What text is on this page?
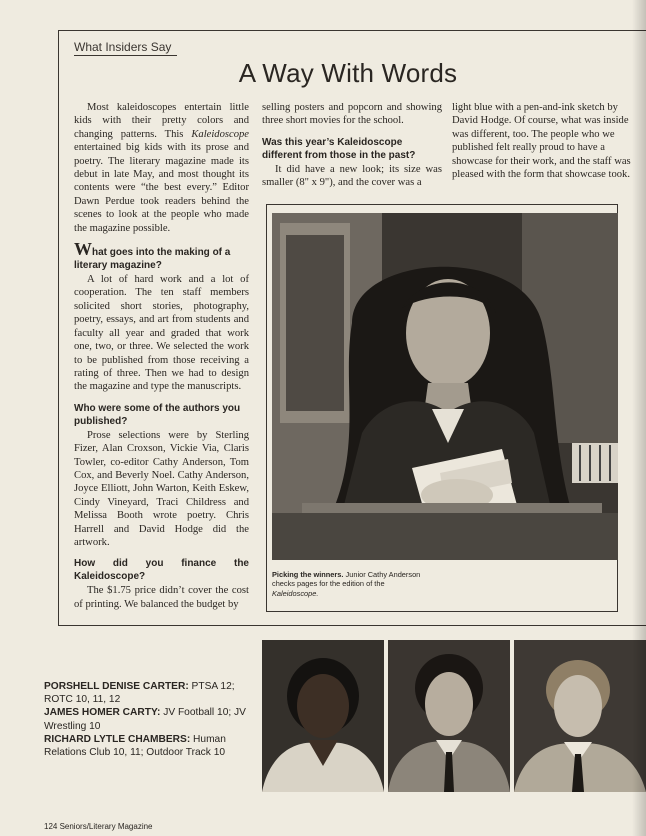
What Insiders Say
A Way With Words

Most kaleidoscopes entertain little kids with their pretty colors and changing patterns. This Kaleidoscope entertained big kids with its prose and poetry. The literary magazine made its debut in late May, and most thought its contents were “the best every.” Editor Dawn Perdue took readers behind the scenes to look at the people who made the magazine possible.

What goes into the making of a literary magazine?

A lot of hard work and a lot of cooperation. The ten staff members solicited short stories, photography, poetry, essays, and art from students and faculty all year and graded that work one, two, or three. We selected the work to be published from those receiving a rating of three. Then we had to design the magazine and type the manuscripts.

Who were some of the authors you published?

Prose selections were by Sterling Fizer, Alan Croxson, Vickie Via, Claris Towler, co-editor Cathy Anderson, Tom Cox, and Beverly Noel. Cathy Anderson, Joyce Elliott, John Warton, Keith Eskew, Cindy Vineyard, Traci Childress and Melissa Booth wrote poetry. Chris Harrell and David Hodge did the artwork.

How did you finance the Kaleidoscope?

The $1.75 price didn’t cover the cost of printing. We balanced the budget by

selling posters and popcorn and showing three short movies for the school.

Was this year’s Kaleidoscope different from those in the past?

It did have a new look; its size was smaller (8" x 9"), and the cover was a

light blue with a pen-and-ink sketch by David Hodge. Of course, what was inside was different, too. The people who we published felt really proud to have a showcase for their work, and the staff was pleased with the form that showcase took.

Picking the winners. Junior Cathy Anderson checks pages for the edition of the Kaleidoscope.
PORSHELL DENISE CARTER: PTSA 12; ROTC 10, 11, 12
JAMES HOMER CARTY: JV Football 10; JV Wrestling 10
RICHARD LYTLE CHAMBERS: Human Relations Club 10, 11; Outdoor Track 10
124 Seniors/Literary Magazine
